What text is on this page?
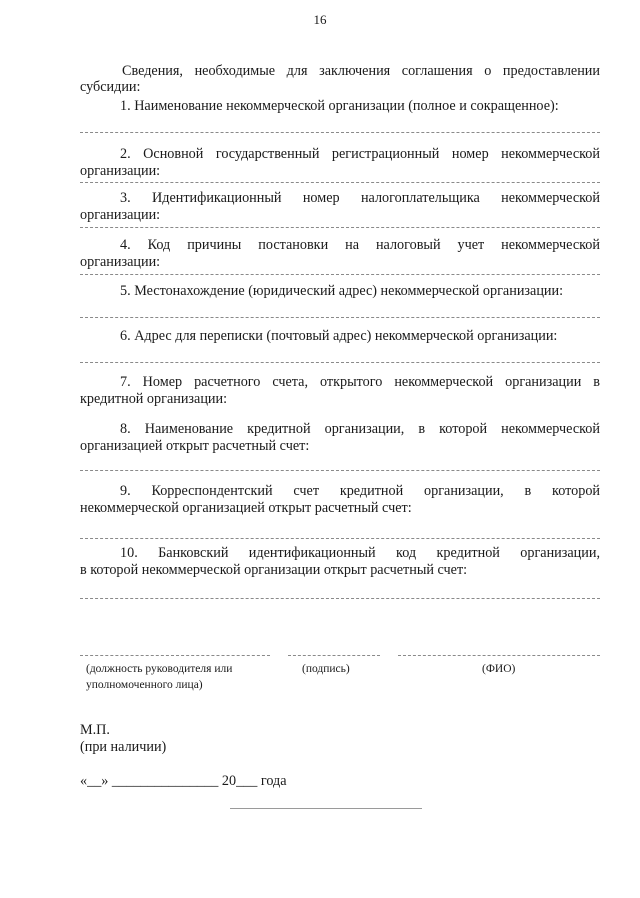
16
Сведения, необходимые для заключения соглашения о предоставлении
субсидии:
1. Наименование некоммерческой организации (полное и сокращенное):
2. Основной государственный регистрационный номер некоммерческой
организации:
3. Идентификационный номер налогоплательщика некоммерческой
организации:
4. Код причины постановки на налоговый учет некоммерческой
организации:
5. Местонахождение (юридический адрес) некоммерческой организации:
6. Адрес для переписки (почтовый адрес) некоммерческой организации:
7. Номер расчетного счета, открытого некоммерческой организации в
кредитной организации:
8. Наименование кредитной организации, в которой некоммерческой
организацией открыт расчетный счет:
9. Корреспондентский счет кредитной организации, в которой
некоммерческой организацией открыт расчетный счет:
10. Банковский идентификационный код кредитной организации,
в которой некоммерческой организации открыт расчетный счет:
(должность руководителя или
уполномоченного лица)
(подпись)	(ФИО)
М.П.
(при наличии)
«__» _______________ 20___ года
